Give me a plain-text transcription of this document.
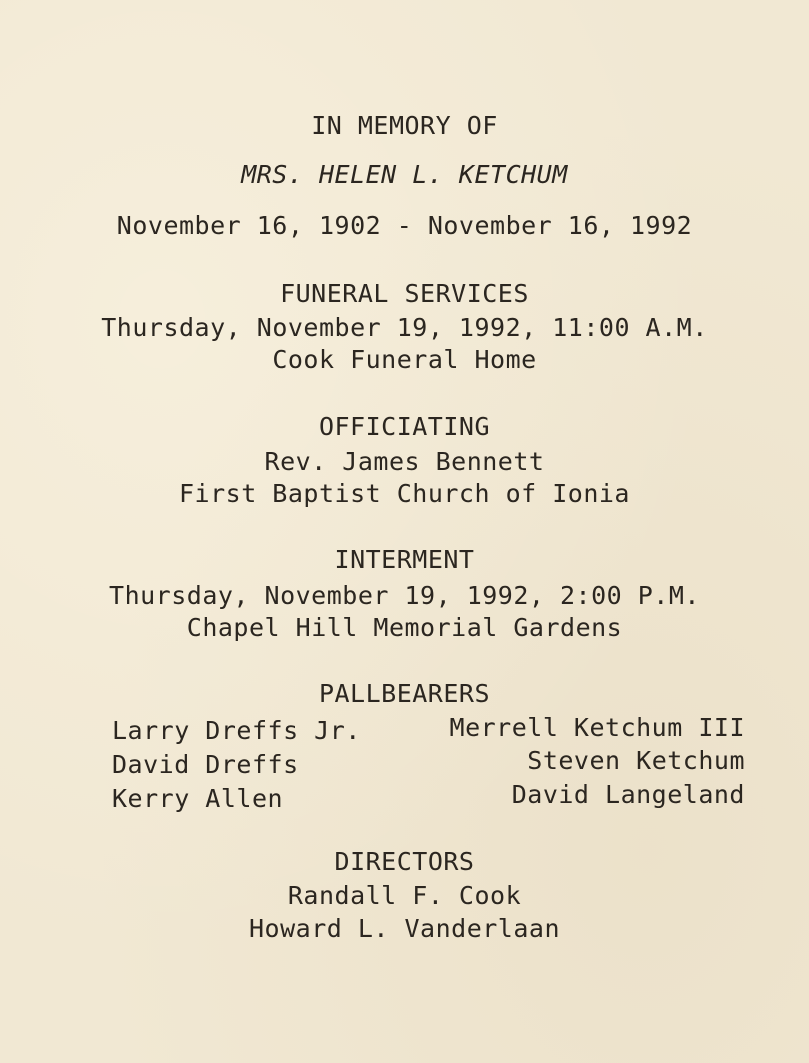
IN MEMORY OF
MRS. HELEN L. KETCHUM
November 16, 1902 - November 16, 1992
FUNERAL SERVICES
Thursday, November 19, 1992, 11:00 A.M.
Cook Funeral Home
OFFICIATING
Rev. James Bennett
First Baptist Church of Ionia
INTERMENT
Thursday, November 19, 1992, 2:00 P.M.
Chapel Hill Memorial Gardens
PALLBEARERS
Larry Dreffs Jr.
David Dreffs
Kerry Allen
Merrell Ketchum III
Steven Ketchum
David Langeland
DIRECTORS
Randall F. Cook
Howard L. Vanderlaan
